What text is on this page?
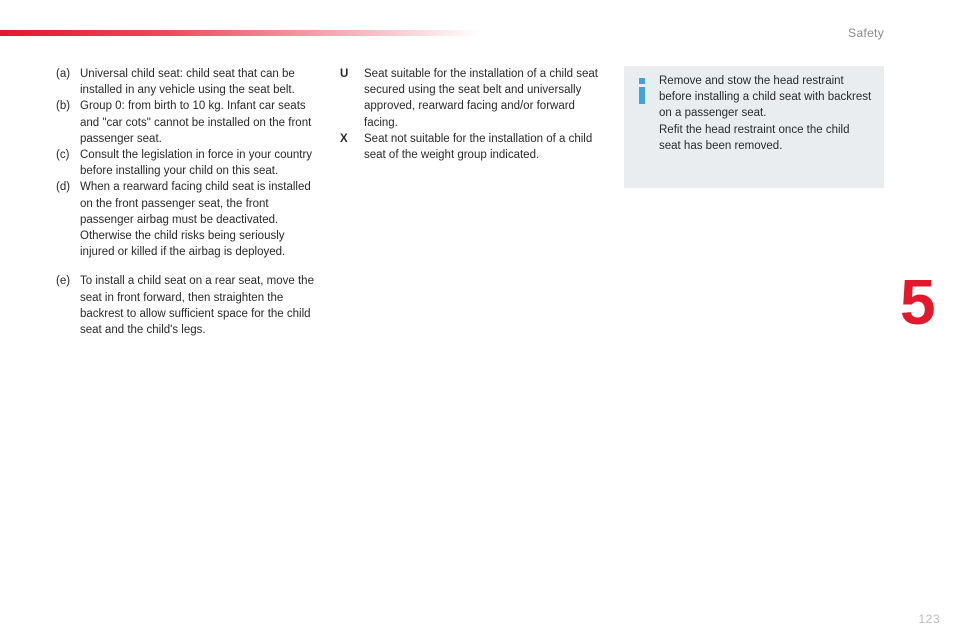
Safety
5
(a) Universal child seat: child seat that can be installed in any vehicle using the seat belt.
(b) Group 0: from birth to 10 kg. Infant car seats and "car cots" cannot be installed on the front passenger seat.
(c) Consult the legislation in force in your country before installing your child on this seat.
(d) When a rearward facing child seat is installed on the front passenger seat, the front passenger airbag must be deactivated. Otherwise the child risks being seriously injured or killed if the airbag is deployed.
(e) To install a child seat on a rear seat, move the seat in front forward, then straighten the backrest to allow sufficient space for the child seat and the child's legs.
U	Seat suitable for the installation of a child seat secured using the seat belt and universally approved, rearward facing and/or forward facing.
X	Seat not suitable for the installation of a child seat of the weight group indicated.

Remove and stow the head restraint before installing a child seat with backrest on a passenger seat.

Refit the head restraint once the child seat has been removed.

123
